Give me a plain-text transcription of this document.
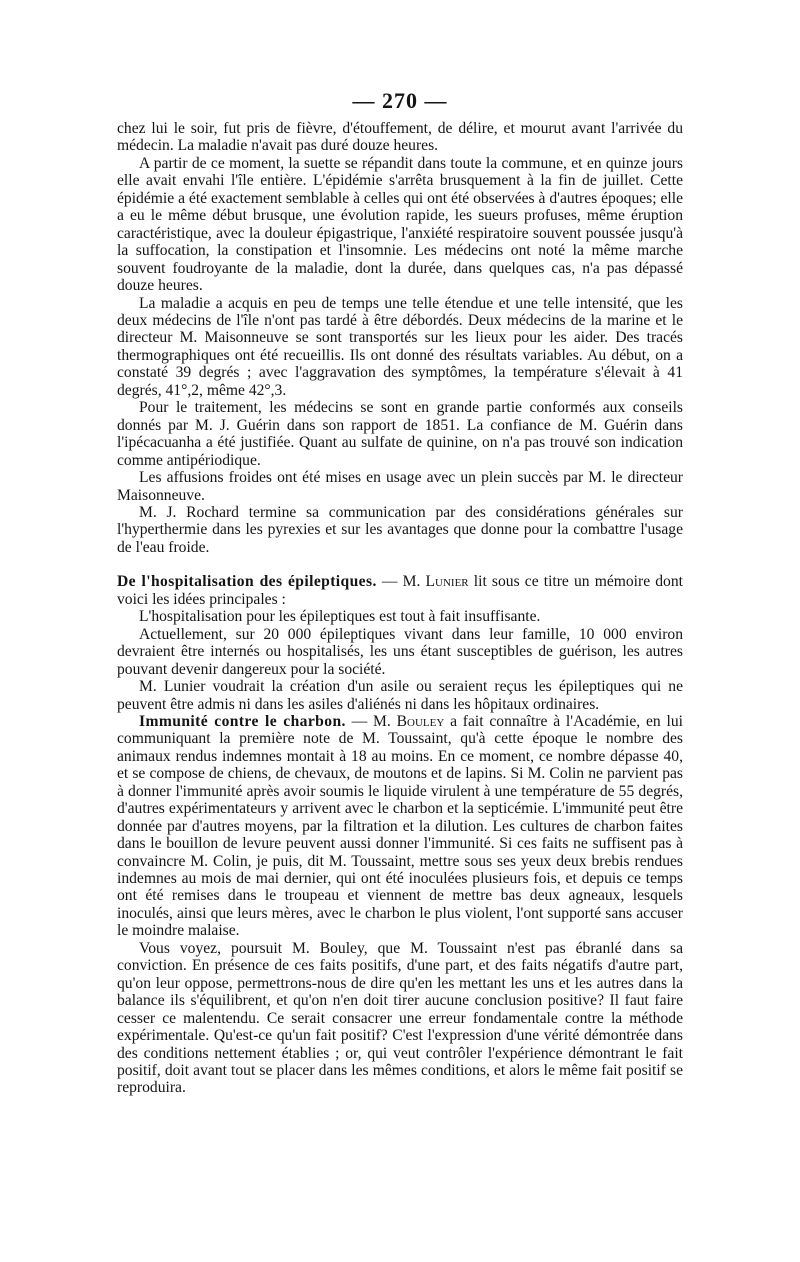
— 270 —

chez lui le soir, fut pris de fièvre, d'étouffement, de délire, et mourut avant l'arrivée du médecin. La maladie n'avait pas duré douze heures.

A partir de ce moment, la suette se répandit dans toute la commune, et en quinze jours elle avait envahi l'île entière. L'épidémie s'arrêta brusquement à la fin de juillet. Cette épidémie a été exactement semblable à celles qui ont été observées à d'autres époques; elle a eu le même début brusque, une évolution rapide, les sueurs profuses, même éruption caractéristique, avec la douleur épigastrique, l'anxiété respiratoire souvent poussée jusqu'à la suffocation, la constipation et l'insomnie. Les médecins ont noté la même marche souvent foudroyante de la maladie, dont la durée, dans quelques cas, n'a pas dépassé douze heures.

La maladie a acquis en peu de temps une telle étendue et une telle intensité, que les deux médecins de l'île n'ont pas tardé à être débordés. Deux médecins de la marine et le directeur M. Maisonneuve se sont transportés sur les lieux pour les aider. Des tracés thermographiques ont été recueillis. Ils ont donné des résultats variables. Au début, on a constaté 39 degrés ; avec l'aggravation des symptômes, la température s'élevait à 41 degrés, 41°,2, même 42°,3.

Pour le traitement, les médecins se sont en grande partie conformés aux conseils donnés par M. J. Guérin dans son rapport de 1851. La confiance de M. Guérin dans l'ipécacuanha a été justifiée. Quant au sulfate de quinine, on n'a pas trouvé son indication comme antipériodique.

Les affusions froides ont été mises en usage avec un plein succès par M. le directeur Maisonneuve.

M. J. Rochard termine sa communication par des considérations générales sur l'hyperthermie dans les pyrexies et sur les avantages que donne pour la combattre l'usage de l'eau froide.

De l'hospitalisation des épileptiques. — M. Lunier lit sous ce titre un mémoire dont voici les idées principales :

L'hospitalisation pour les épileptiques est tout à fait insuffisante.

Actuellement, sur 20 000 épileptiques vivant dans leur famille, 10 000 environ devraient être internés ou hospitalisés, les uns étant susceptibles de guérison, les autres pouvant devenir dangereux pour la société.

M. Lunier voudrait la création d'un asile ou seraient reçus les épileptiques qui ne peuvent être admis ni dans les asiles d'aliénés ni dans les hôpitaux ordinaires.

Immunité contre le charbon. — M. Bouley a fait connaître à l'Académie, en lui communiquant la première note de M. Toussaint, qu'à cette époque le nombre des animaux rendus indemnes montait à 18 au moins. En ce moment, ce nombre dépasse 40, et se compose de chiens, de chevaux, de moutons et de lapins. Si M. Colin ne parvient pas à donner l'immunité après avoir soumis le liquide virulent à une température de 55 degrés, d'autres expérimentateurs y arrivent avec le charbon et la septicémie. L'immunité peut être donnée par d'autres moyens, par la filtration et la dilution. Les cultures de charbon faites dans le bouillon de levure peuvent aussi donner l'immunité. Si ces faits ne suffisent pas à convaincre M. Colin, je puis, dit M. Toussaint, mettre sous ses yeux deux brebis rendues indemnes au mois de mai dernier, qui ont été inoculées plusieurs fois, et depuis ce temps ont été remises dans le troupeau et viennent de mettre bas deux agneaux, lesquels inoculés, ainsi que leurs mères, avec le charbon le plus violent, l'ont supporté sans accuser le moindre malaise.

Vous voyez, poursuit M. Bouley, que M. Toussaint n'est pas ébranlé dans sa conviction. En présence de ces faits positifs, d'une part, et des faits négatifs d'autre part, qu'on leur oppose, permettrons-nous de dire qu'en les mettant les uns et les autres dans la balance ils s'équilibrent, et qu'on n'en doit tirer aucune conclusion positive? Il faut faire cesser ce malentendu. Ce serait consacrer une erreur fondamentale contre la méthode expérimentale. Qu'est-ce qu'un fait positif? C'est l'expression d'une vérité démontrée dans des conditions nettement établies ; or, qui veut contrôler l'expérience démontrant le fait positif, doit avant tout se placer dans les mêmes conditions, et alors le même fait positif se reproduira.
